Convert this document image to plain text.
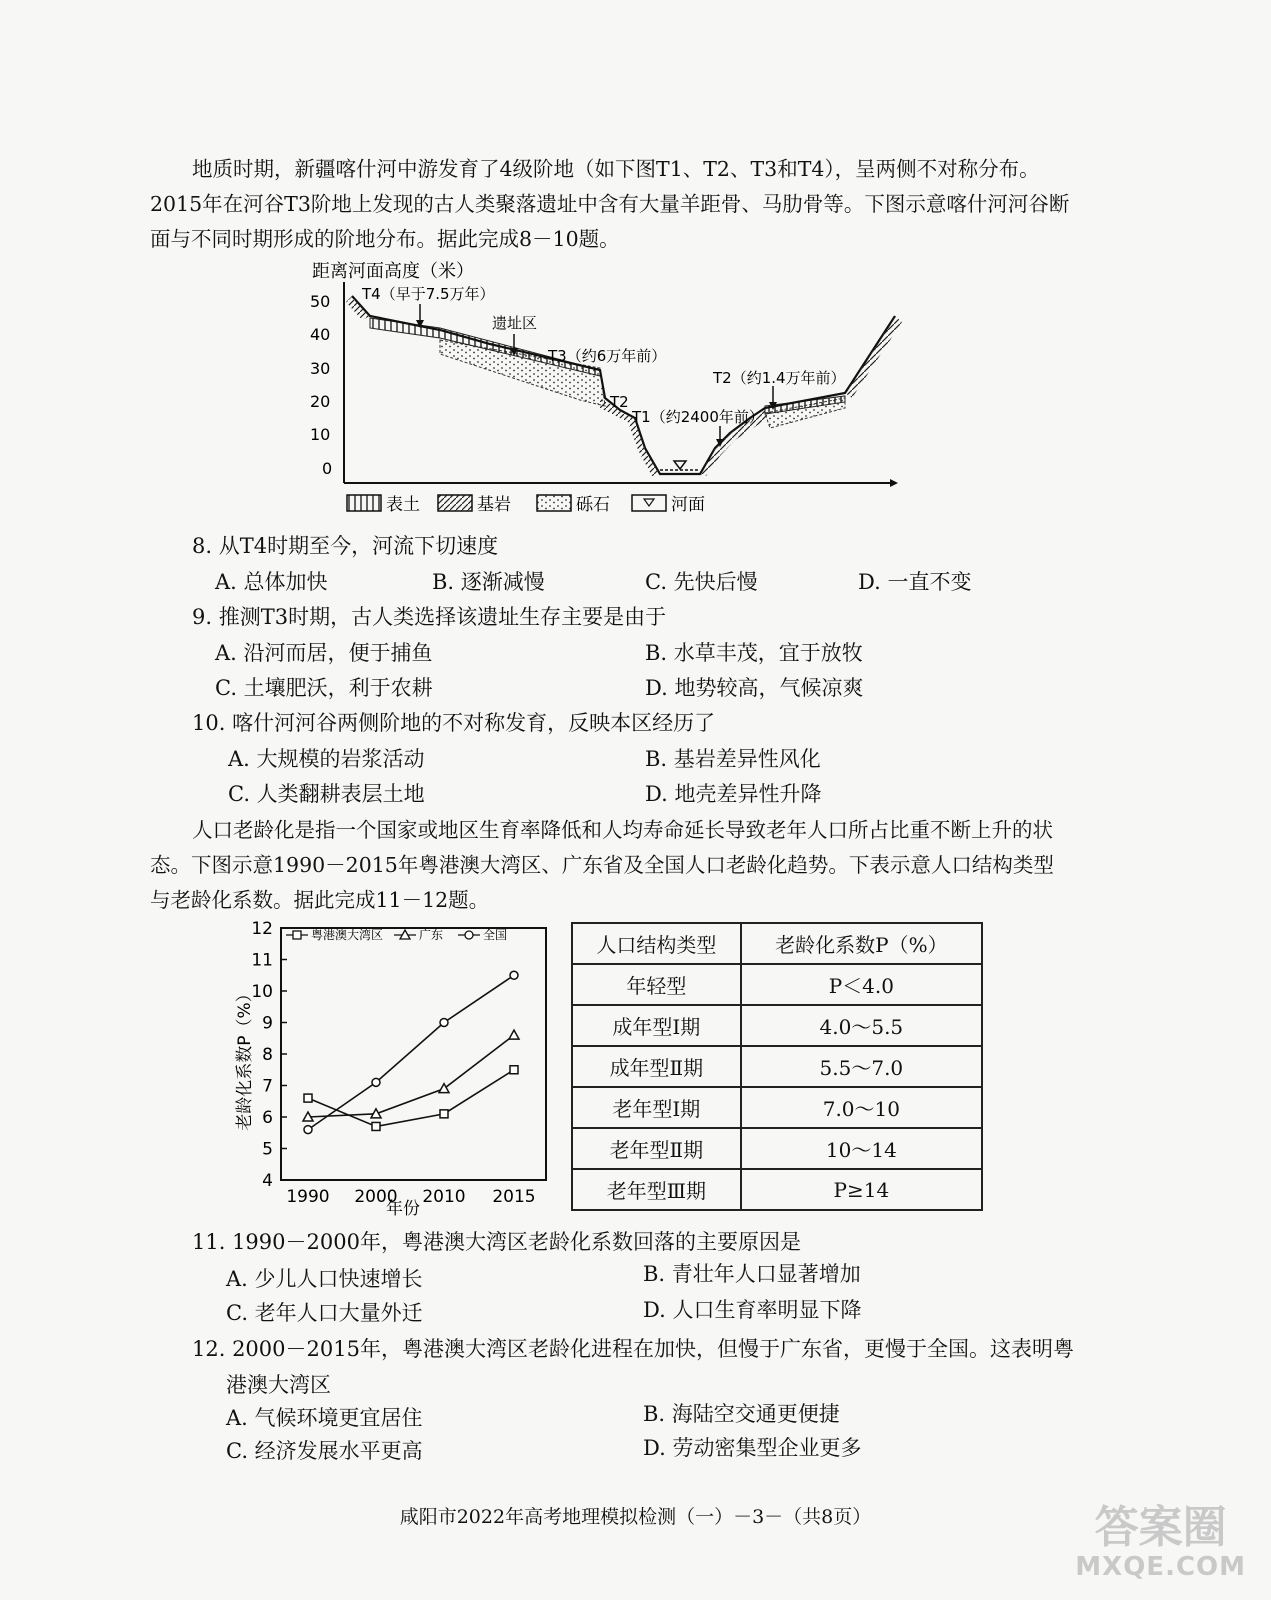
地质时期，新疆喀什河中游发育了4级阶地（如下图T1、T2、T3和T4），呈两侧不对称分布。2015年在河谷T3阶地上发现的古人类聚落遗址中含有大量羊距骨、马肋骨等。下图示意喀什河河谷断面与不同时期形成的阶地分布。据此完成8－10题。
距离河面高度（米）
50
40
30
20
10
0
T4（早于7.5万年）
遗址区
T3（约6万年前）
T2
T1（约2400年前）
T2（约1.4万年前）
表土	基岩	砾石	河面
8. 从T4时期至今，河流下切速度
A. 总体加快	B. 逐渐减慢	C. 先快后慢	D. 一直不变
9. 推测T3时期，古人类选择该遗址生存主要是由于
A. 沿河而居，便于捕鱼	B. 水草丰茂，宜于放牧
C. 土壤肥沃，利于农耕	D. 地势较高，气候凉爽
10. 喀什河河谷两侧阶地的不对称发育，反映本区经历了
A. 大规模的岩浆活动	B. 基岩差异性风化
C. 人类翻耕表层土地	D. 地壳差异性升降
人口老龄化是指一个国家或地区生育率降低和人均寿命延长导致老年人口所占比重不断上升的状态。下图示意1990－2015年粤港澳大湾区、广东省及全国人口老龄化趋势。下表示意人口结构类型与老龄化系数。据此完成11－12题。
4
5
6
7
8
9
10
11
12
1990 2000 2010 2015
年份
老龄化系数P（%）
粤港澳大湾区	广东	全国	人口结构类型	老龄化系数P（%）
年轻型	P＜4.0
成年型Ⅰ期	4.0～5.5
成年型Ⅱ期	5.5～7.0
老年型Ⅰ期	7.0～10
老年型Ⅱ期	10～14
老年型Ⅲ期	P≥14
11. 1990－2000年，粤港澳大湾区老龄化系数回落的主要原因是
A. 少儿人口快速增长	B. 青壮年人口显著增加
C. 老年人口大量外迁	D. 人口生育率明显下降
12. 2000－2015年，粤港澳大湾区老龄化进程在加快，但慢于广东省，更慢于全国。这表明粤
港澳大湾区
A. 气候环境更宜居住	B. 海陆空交通更便捷
C. 经济发展水平更高	D. 劳动密集型企业更多
咸阳市2022年高考地理模拟检测（一）－3－（共8页）	答案圈
MXQE.COM
